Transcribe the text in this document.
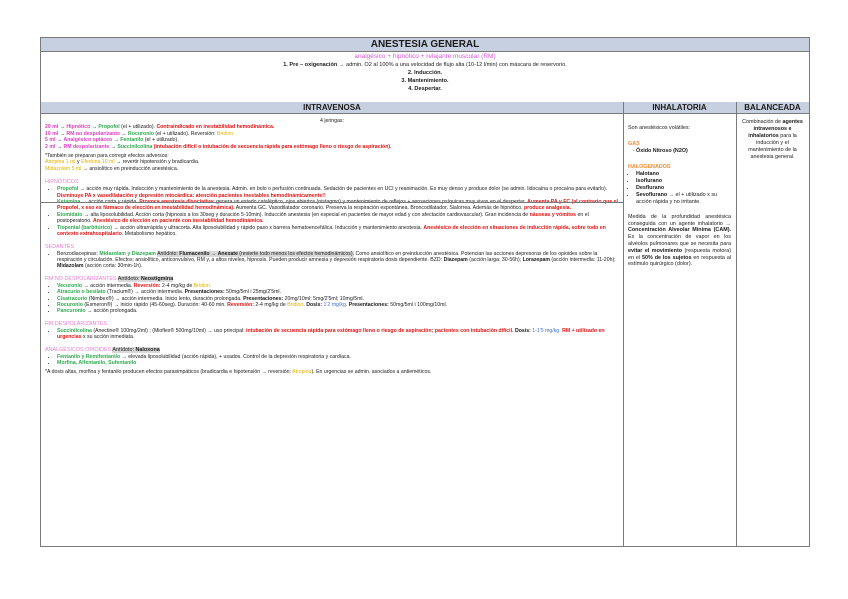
ANESTESIA GENERAL
analgésico + hipnótico + relajante muscular (RM)
1. Pre – oxigenación → admin. O2 al 100% a una velocidad de flujo alta (10-12 l/min) con máscara de reservorio.
2. Inducción.
3. Mantenimiento.
4. Despertar.
INTRAVENOSA	INHALATORIA	BALANCEADA

4 jeringas:

20 ml → Hipnótico → Propofol (el + utilizado). Contraindicado en inestabilidad hemodinámica.

10 ml → RM no despolarizante → Rocuronio (el + utilizado). Reversión: Bridion.

5 ml → Analgésico opiáceo → Fentanilo (el + utilizado).

2 ml → RM despolarizante → Succinilcolina (intubación difícil o intubación de secuencia rápida para estómago lleno o riesgo de aspiración).

*También se preparan para corregir efectos adversos:

Atropina 1 ml y Efedrina 10 ml → revertir hipotensión y bradicardia.

Midazolam 5 ml → ansiolítico en preinducción anestésica.

HIPNÓTICOS
• Propofol → acción muy rápida. Inducción y mantenimiento de la anestesia. Admin. en bolo o perfusión continuada. Sedación de pacientes en UCI y reanimación. Es muy denso y produce dolor (se admin. lidocaína o procaína para evitarlo). Disminuye PA x vasodilatación y depresión miocárdica: atención pacientes inestables hemodinámicamente!!
• Ketamina → acción corta y rápida. Provoca anestesia disociativa: genera un estado cataléptico, ojos abiertos (nistagmo) y mantenimiento de reflejos + sensaciones psíquicas muy vivas en el despertar. Aumenta PA y FC (al contrario que el Propofol, x eso es fármaco de elección en inestabilidad hemodinámica). Aumenta GC. Vasodilatador coronario. Preserva la respiración espontánea. Broncodilatador. Sialorrea. Además de hipnótico, produce analgesia.
• Etomidato → alta liposolubilidad. Acción corta (hipnosis a los 30seg y duración 5-10min). Inducción anestesia (en especial en pacientes de mayor edad y con afectación cardiovascular). Gran incidencia de náuseas y vómitos en el postoperatorio. Anestésico de elección en paciente con inestabilidad hemodinámica.
• Tiopental (barbitúrico) → acción ultrarrápida y ultracorta. Alta liposolubilidad y rápido paso x barrera hematoencefálica. Inducción y mantenimiento anestesia. Anestésico de elección en situaciones de inducción rápida, sobre todo en contexto extrahospitalario. Metabolismo hepático.
SEDANTES
• Benzodiacepinas: Midazolam y Diazepam Antídoto: Flumacenilo → Anexate (revierte todo menos los efectos hemodinámicos). Como ansiolítico en preinducción anestésica. Potencian las acciones depresoras de los opioides sobre la respiración y circulación. Efectos: ansiolítico, anticonvulsivo, RM y, a altos niveles, hipnosis. Pueden producir amnesia y depresión respiratoria dosis dependiente. BZD: Diazepam (acción larga: 30-56h); Lorazepam (acción intermedia: 11-20h); Midazolam (acción corta: 30min-1h).
RM NO DESPOLARIZANTES Antídoto: Neostigmina
• Vecuronio → acción intermedia. Reversión: 2-4 mg/kg de Bridion.
• Atracurio o besilato (Tracium®) → acción intermedia. Presentaciones: 50mg/5ml i 25mg/2'5ml.
• Cisatracurio (Nimbex®) → acción intermedia. Inicio lento, duración prolongada. Presentaciones: 20mg/10ml; 5mg/2'5ml; 10mg/5ml.
• Rocuronio (Esmeron®) → inicio rápido (45-60seg). Duración: 40-60 min. Reversión: 2-4 mg/kg de Bridion. Dosis: 1'2 mg/kg. Presentaciones: 50mg/5ml i 100mg/10ml.
• Pancuronio → acción prolongada.
RM DESPOLARIZANTES
• Succinilcolina (Anectine® 100mg/2ml) ; (Mioflex® 500mg/10ml) → uso principal: intubación de secuencia rápida para estómago lleno o riesgo de aspiración; pacientes con intubación difícil. Dosis: 1-1'5 mg/kg. RM + utilizado en urgencias x su acción inmediata.
ANALGÉSICOS OPIOIDES Antídoto: Naloxona
• Fentanilo y Remifentanilo → elevada liposolubilidad (acción rápida), + usados. Control de la depresión respiratoria y cardíaca.
• Morfina, Alfentanilo, Sufentanilo

*A dosis altas, morfina y fentanilo producen efectos parasimpáticos (bradicardia e hipotensión → reversión: Atropina). En urgencias se admin. asociados a antieméticos.

Son anestésicos volátiles:

GAS
- Óxido Nitroso (N2O)
HALOGENADOS
• Halotano
• Isoflurano
• Desflurano
• Sevoflurano → el + utilizado x su acción rápida y no irritante.

Medida de la profundidad anestésica conseguida con un agente inhalatorio → Concentración Alveolar Mínima (CAM). Es la concentración de vapor en los alvéolos pulmonares que se necesita para evitar el movimiento (respuesta motora) en el 50% de los sujetos en respuesta al estímulo quirúrgico (dolor).

Combinación de agentes intravenosos e inhalatorios para la inducción y el mantenimiento de la anestesia general.
